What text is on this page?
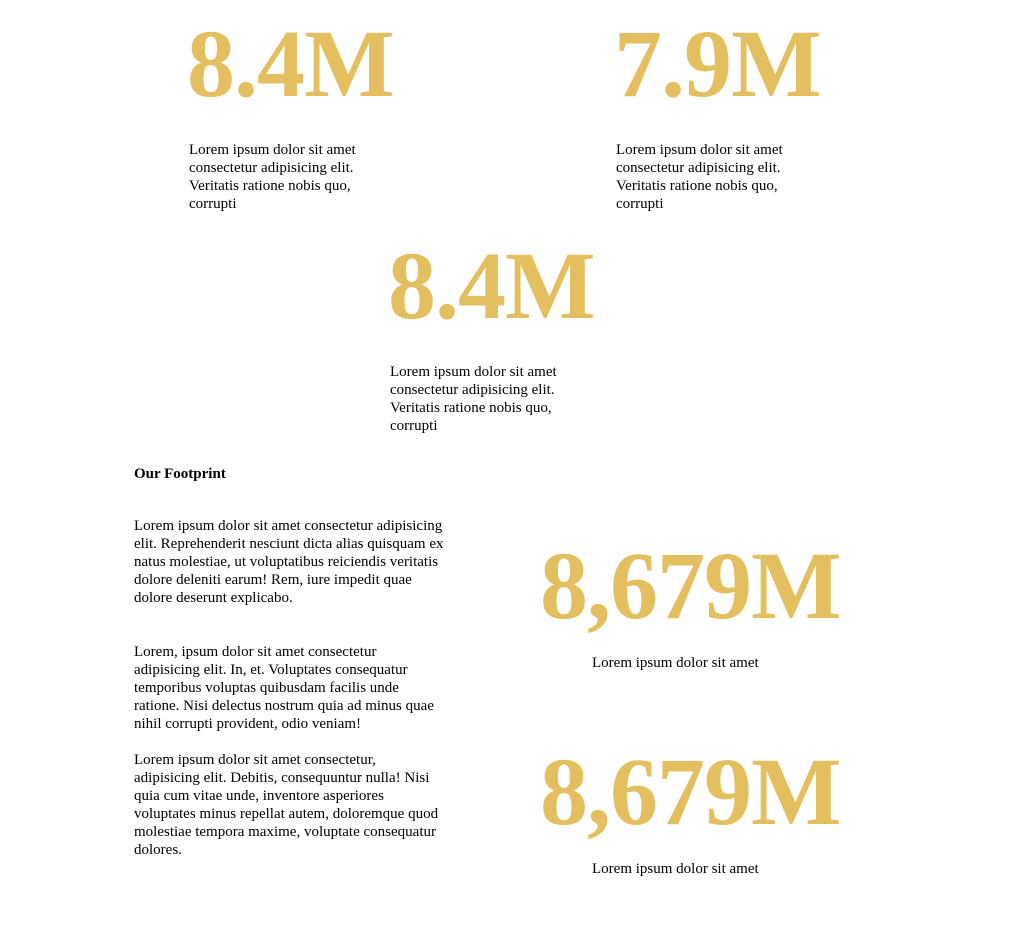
8.4M

Lorem ipsum dolor sit amet consectetur adipisicing elit. Veritatis ratione nobis quo, corrupti

7.9M

Lorem ipsum dolor sit amet consectetur adipisicing elit. Veritatis ratione nobis quo, corrupti

8.4M

Lorem ipsum dolor sit amet consectetur adipisicing elit. Veritatis ratione nobis quo, corrupti

Our Footprint

Lorem ipsum dolor sit amet consectetur adipisicing elit. Reprehenderit nesciunt dicta alias quisquam ex natus molestiae, ut voluptatibus reiciendis veritatis dolore deleniti earum! Rem, iure impedit quae dolore deserunt explicabo.

Lorem, ipsum dolor sit amet consectetur adipisicing elit. In, et. Voluptates consequatur temporibus voluptas quibusdam facilis unde ratione. Nisi delectus nostrum quia ad minus quae nihil corrupti provident, odio veniam!

Lorem ipsum dolor sit amet consectetur, adipisicing elit. Debitis, consequuntur nulla! Nisi quia cum vitae unde, inventore asperiores voluptates minus repellat autem, doloremque quod molestiae tempora maxime, voluptate consequatur dolores.

8,679M

Lorem ipsum dolor sit amet

8,679M

Lorem ipsum dolor sit amet
